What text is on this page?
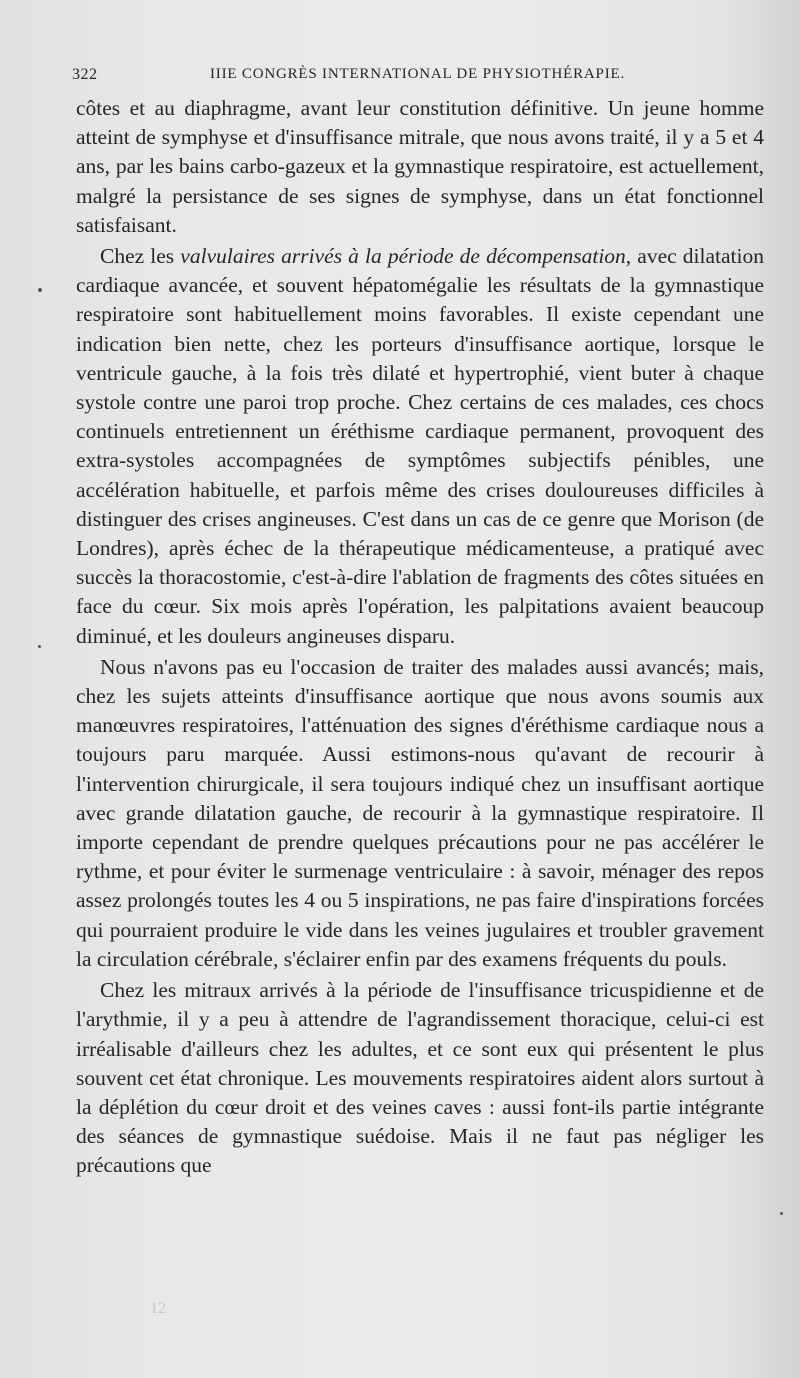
322	IIIE CONGRÈS INTERNATIONAL DE PHYSIOTHÉRAPIE.

côtes et au diaphragme, avant leur constitution définitive. Un jeune homme atteint de symphyse et d'insuffisance mitrale, que nous avons traité, il y a 5 et 4 ans, par les bains carbo-gazeux et la gymnastique respiratoire, est actuellement, malgré la persistance de ses signes de symphyse, dans un état fonctionnel satisfaisant.

Chez les valvulaires arrivés à la période de décompensation, avec dilatation cardiaque avancée, et souvent hépatomégalie les résultats de la gymnastique respiratoire sont habituellement moins favorables. Il existe cependant une indication bien nette, chez les porteurs d'insuffisance aortique, lorsque le ventricule gauche, à la fois très dilaté et hypertrophié, vient buter à chaque systole contre une paroi trop proche. Chez certains de ces malades, ces chocs continuels entretiennent un éréthisme cardiaque permanent, provoquent des extra-systoles accompagnées de symptômes subjectifs pénibles, une accélération habituelle, et parfois même des crises douloureuses difficiles à distinguer des crises angineuses. C'est dans un cas de ce genre que Morison (de Londres), après échec de la thérapeutique médicamenteuse, a pratiqué avec succès la thoracostomie, c'est-à-dire l'ablation de fragments des côtes situées en face du cœur. Six mois après l'opération, les palpitations avaient beaucoup diminué, et les douleurs angineuses disparu.

Nous n'avons pas eu l'occasion de traiter des malades aussi avancés; mais, chez les sujets atteints d'insuffisance aortique que nous avons soumis aux manœuvres respiratoires, l'atténuation des signes d'éréthisme cardiaque nous a toujours paru marquée. Aussi estimons-nous qu'avant de recourir à l'intervention chirurgicale, il sera toujours indiqué chez un insuffisant aortique avec grande dilatation gauche, de recourir à la gymnastique respiratoire. Il importe cependant de prendre quelques précautions pour ne pas accélérer le rythme, et pour éviter le surmenage ventriculaire : à savoir, ménager des repos assez prolongés toutes les 4 ou 5 inspirations, ne pas faire d'inspirations forcées qui pourraient produire le vide dans les veines jugulaires et troubler gravement la circulation cérébrale, s'éclairer enfin par des examens fréquents du pouls.

Chez les mitraux arrivés à la période de l'insuffisance tricuspidienne et de l'arythmie, il y a peu à attendre de l'agrandissement thoracique, celui-ci est irréalisable d'ailleurs chez les adultes, et ce sont eux qui présentent le plus souvent cet état chronique. Les mouvements respiratoires aident alors surtout à la déplétion du cœur droit et des veines caves : aussi font-ils partie intégrante des séances de gymnastique suédoise. Mais il ne faut pas négliger les précautions que

12
